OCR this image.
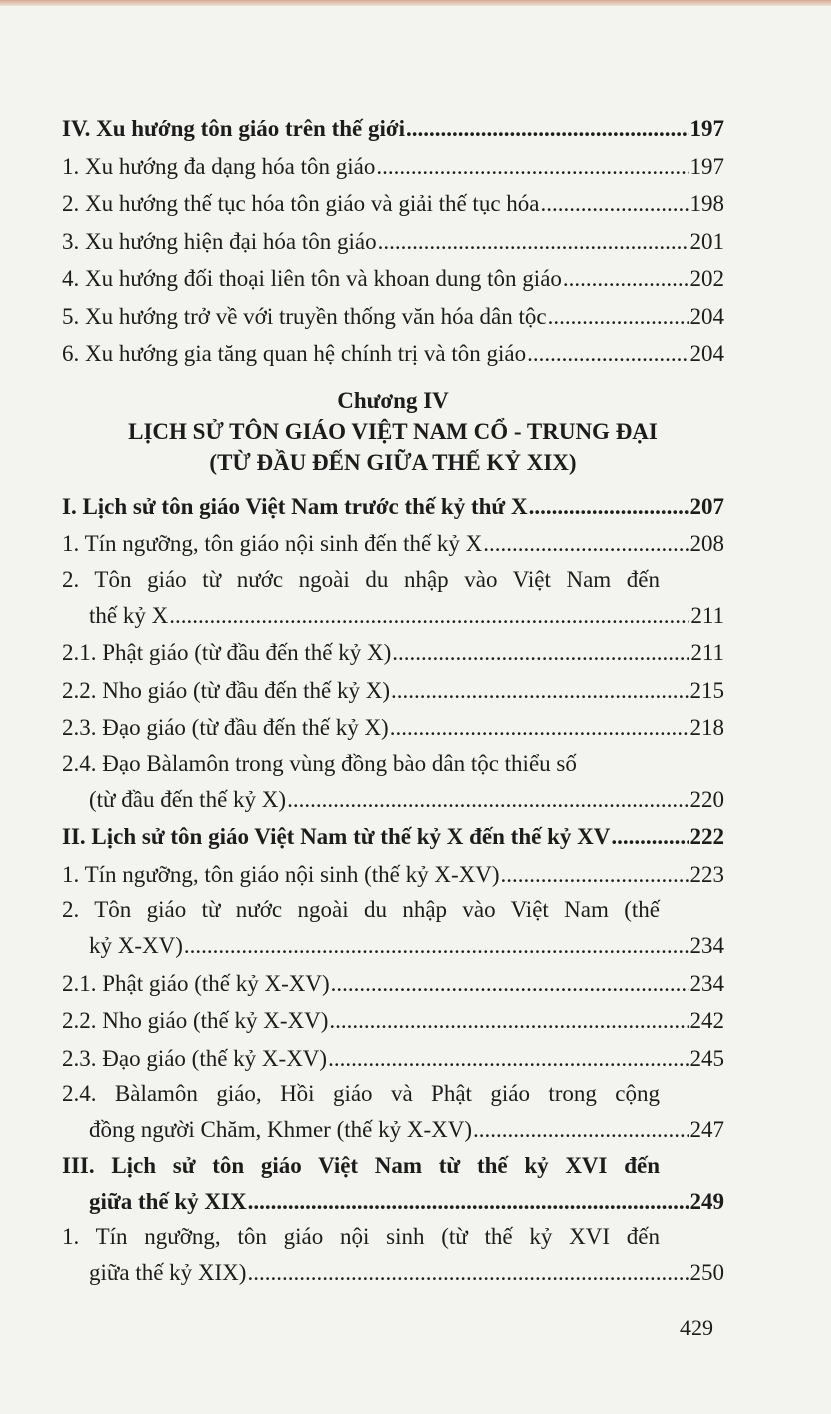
IV. Xu hướng tôn giáo trên thế giới .....	197
1. Xu hướng đa dạng hóa tôn giáo .....	197
2. Xu hướng thế tục hóa tôn giáo và giải thế tục hóa .....	198
3. Xu hướng hiện đại hóa tôn giáo .....	201
4. Xu hướng đối thoại liên tôn và khoan dung tôn giáo .....	202
5. Xu hướng trở về với truyền thống văn hóa dân tộc .....	204
6. Xu hướng gia tăng quan hệ chính trị và tôn giáo .....	204
Chương IV
LỊCH SỬ TÔN GIÁO VIỆT NAM CỔ - TRUNG ĐẠI
(TỪ ĐẦU ĐẾN GIỮA THẾ KỶ XIX)
I. Lịch sử tôn giáo Việt Nam trước thế kỷ thứ X .....	207
1. Tín ngưỡng, tôn giáo nội sinh đến thế kỷ X .....	208
2. Tôn giáo từ nước ngoài du nhập vào Việt Nam đến
thế kỷ X .....	211
2.1. Phật giáo (từ đầu đến thế kỷ X) .....	211
2.2. Nho giáo (từ đầu đến thế kỷ X) .....	215
2.3. Đạo giáo (từ đầu đến thế kỷ X) .....	218
2.4. Đạo Bàlamôn trong vùng đồng bào dân tộc thiểu số
(từ đầu đến thế kỷ X) .....	220
II. Lịch sử tôn giáo Việt Nam từ thế kỷ X đến thế kỷ XV .....	222
1. Tín ngưỡng, tôn giáo nội sinh (thế kỷ X-XV) .....	223
2. Tôn giáo từ nước ngoài du nhập vào Việt Nam (thế
kỷ X-XV) .....	234
2.1. Phật giáo (thế kỷ X-XV) .....	234
2.2. Nho giáo (thế kỷ X-XV) .....	242
2.3. Đạo giáo (thế kỷ X-XV) .....	245
2.4. Bàlamôn giáo, Hồi giáo và Phật giáo trong cộng
đồng người Chăm, Khmer (thế kỷ X-XV) .....	247
III. Lịch sử tôn giáo Việt Nam từ thế kỷ XVI đến
giữa thế kỷ XIX .....	249
1. Tín ngưỡng, tôn giáo nội sinh (từ thế kỷ XVI đến
giữa thế kỷ XIX) .....	250
429
